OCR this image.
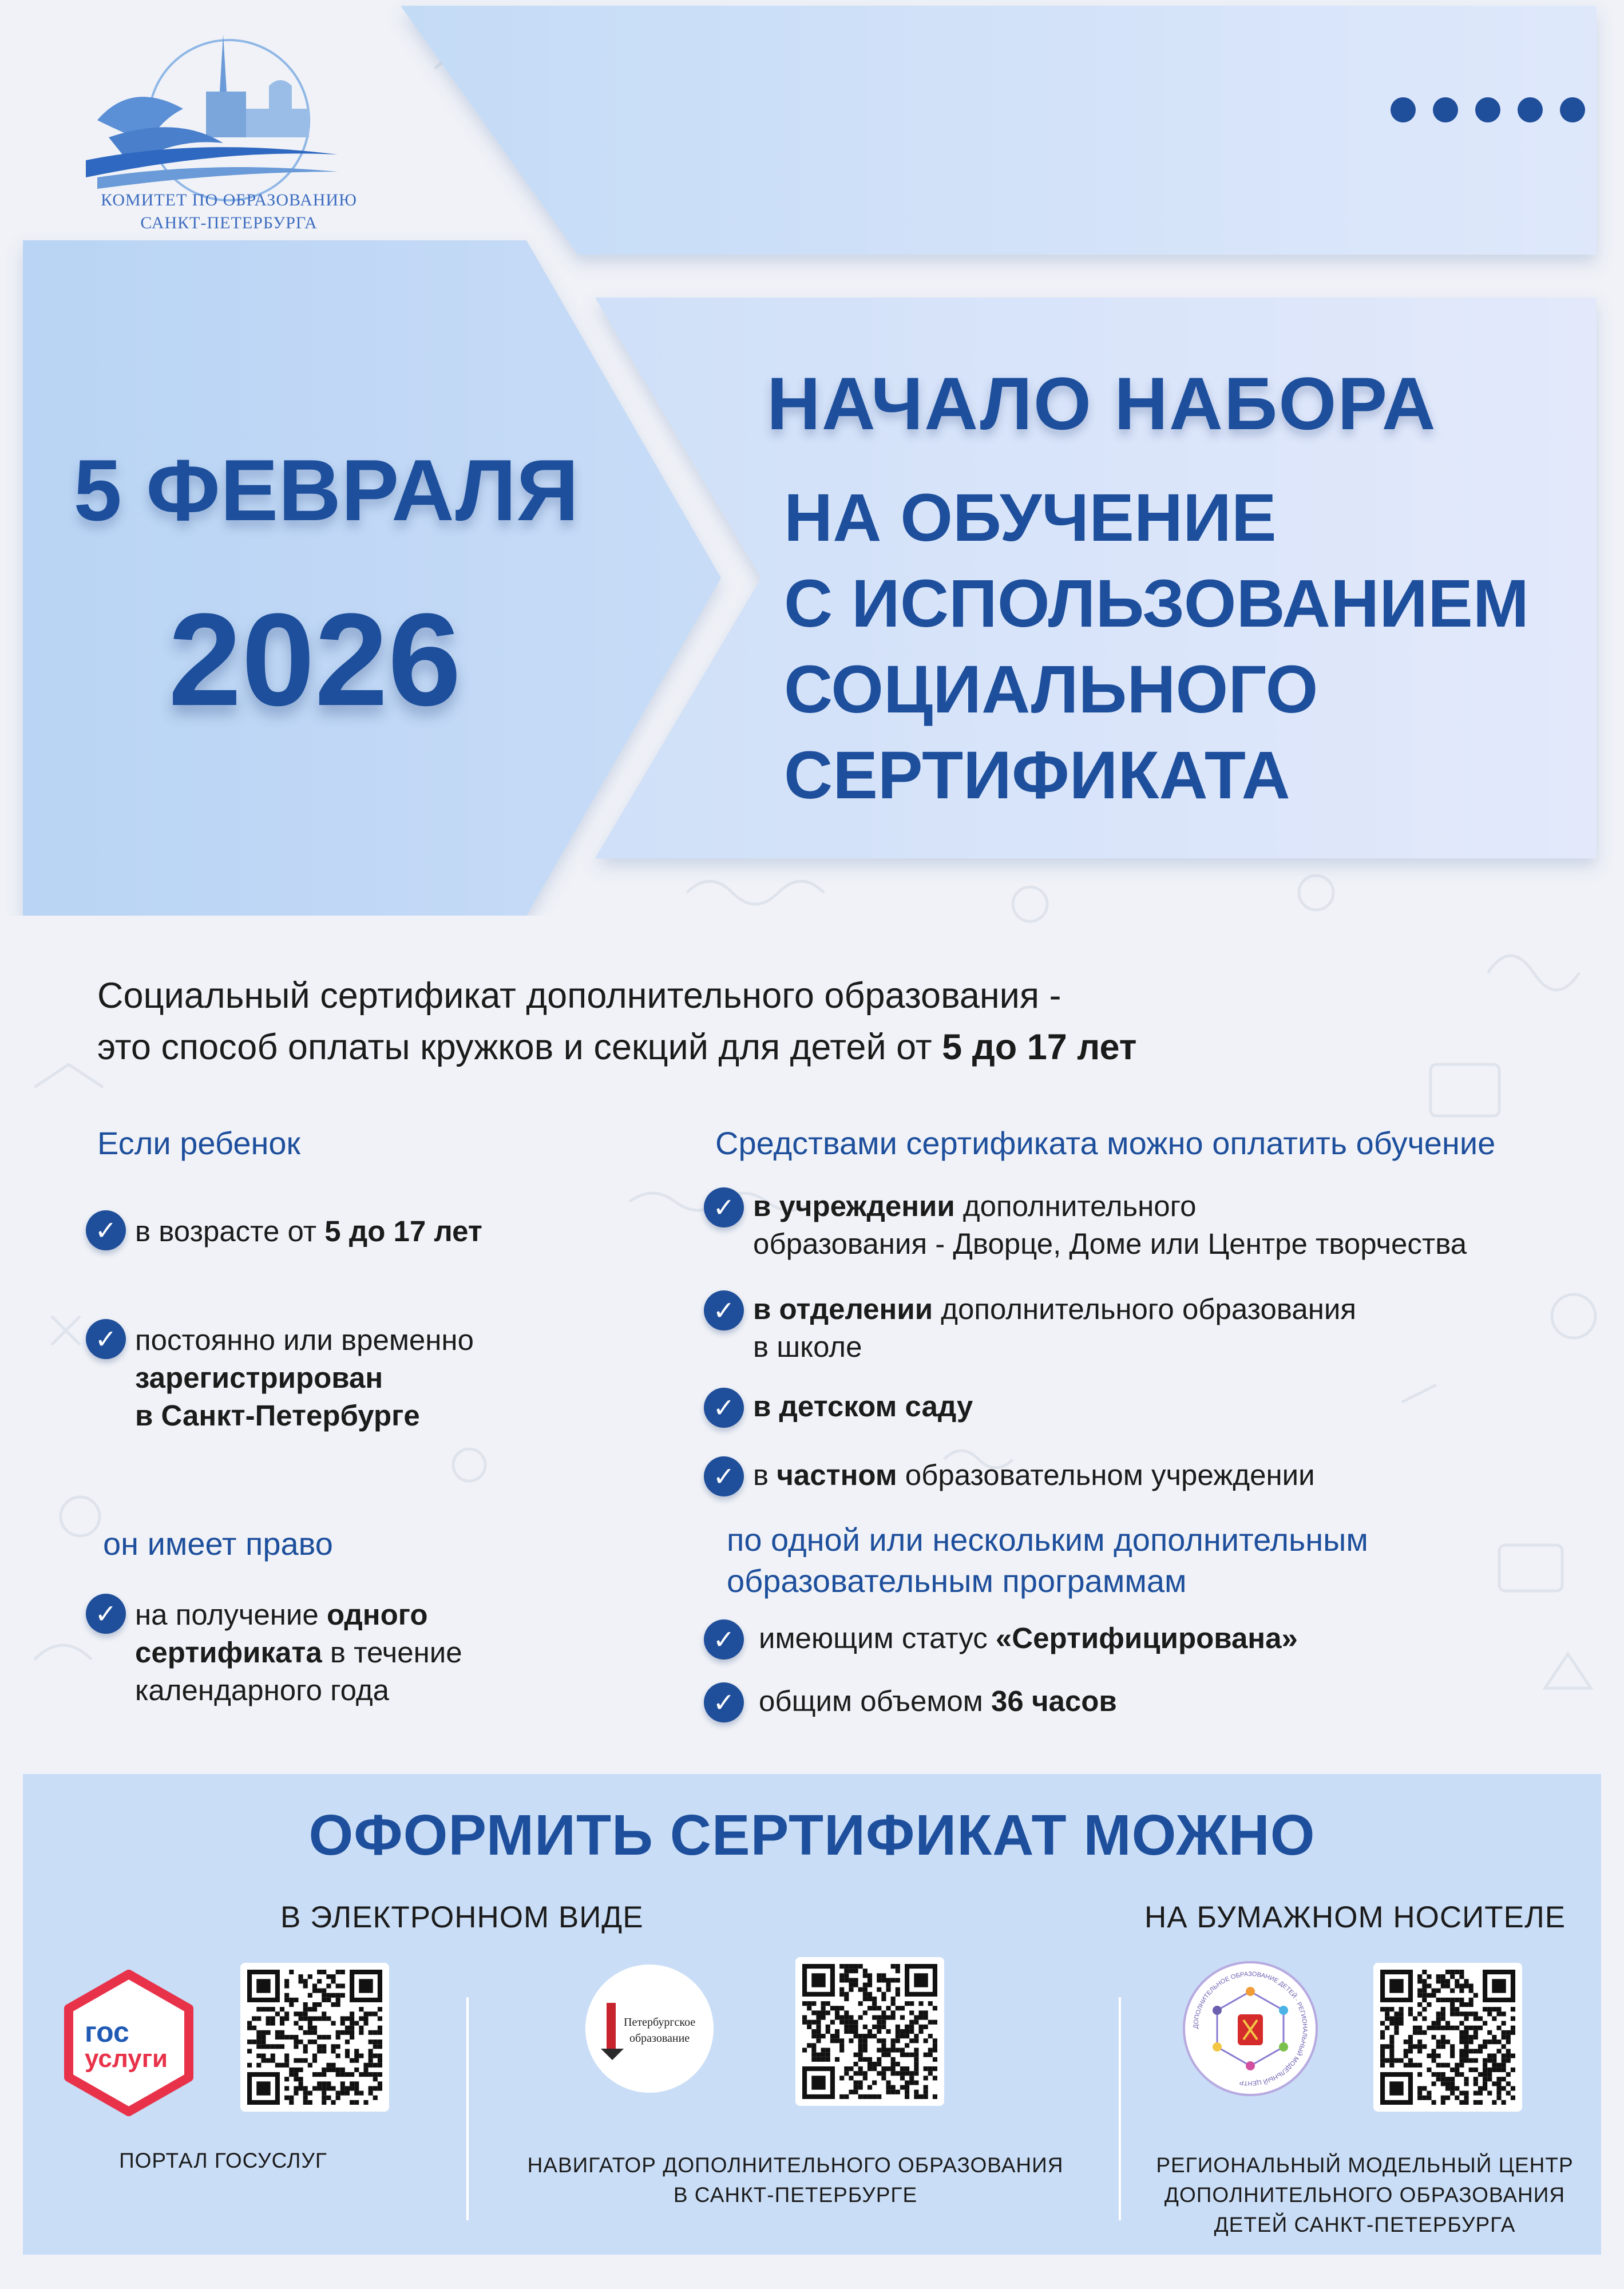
КОМИТЕТ ПО ОБРАЗОВАНИЮ
САНКТ-ПЕТЕРБУРГА
5 ФЕВРАЛЯ
2026
НАЧАЛО НАБОРА
НА ОБУЧЕНИЕ
С ИСПОЛЬЗОВАНИЕМ
СОЦИАЛЬНОГО
СЕРТИФИКАТА
Социальный сертификат дополнительного образования -
это способ оплаты кружков и секций для детей от 5 до 17 лет
Если ребенок
✓ в возрасте от 5 до 17 лет
✓ постоянно или временно
зарегистрирован
в Санкт-Петербурге
он имеет право
✓ на получение одного
сертификата в течение
календарного года
Средствами сертификата можно оплатить обучение
✓ в учреждении дополнительного
образования - Дворце, Доме или Центре творчества
✓ в отделении дополнительного образования
в школе
✓ в детском саду
✓ в частном образовательном учреждении
по одной или нескольким дополнительным
образовательным программам
✓ имеющим статус «Сертифицирована»
✓ общим объемом 36 часов
ОФОРМИТЬ СЕРТИФИКАТ МОЖНО
В ЭЛЕКТРОННОМ ВИДЕ	НА БУМАЖНОМ НОСИТЕЛЕ
гос
услуги
Петербургское
образование
ДОПОЛНИТЕЛЬНОЕ ОБРАЗОВАНИЕ ДЕТЕЙ · РЕГИОНАЛЬНЫЙ МОДЕЛЬНЫЙ ЦЕНТР
ПОРТАЛ ГОСУСЛУГ	НАВИГАТОР ДОПОЛНИТЕЛЬНОГО ОБРАЗОВАНИЯ
В САНКТ-ПЕТЕРБУРГЕ
РЕГИОНАЛЬНЫЙ МОДЕЛЬНЫЙ ЦЕНТР
ДОПОЛНИТЕЛЬНОГО ОБРАЗОВАНИЯ
ДЕТЕЙ САНКТ-ПЕТЕРБУРГА
